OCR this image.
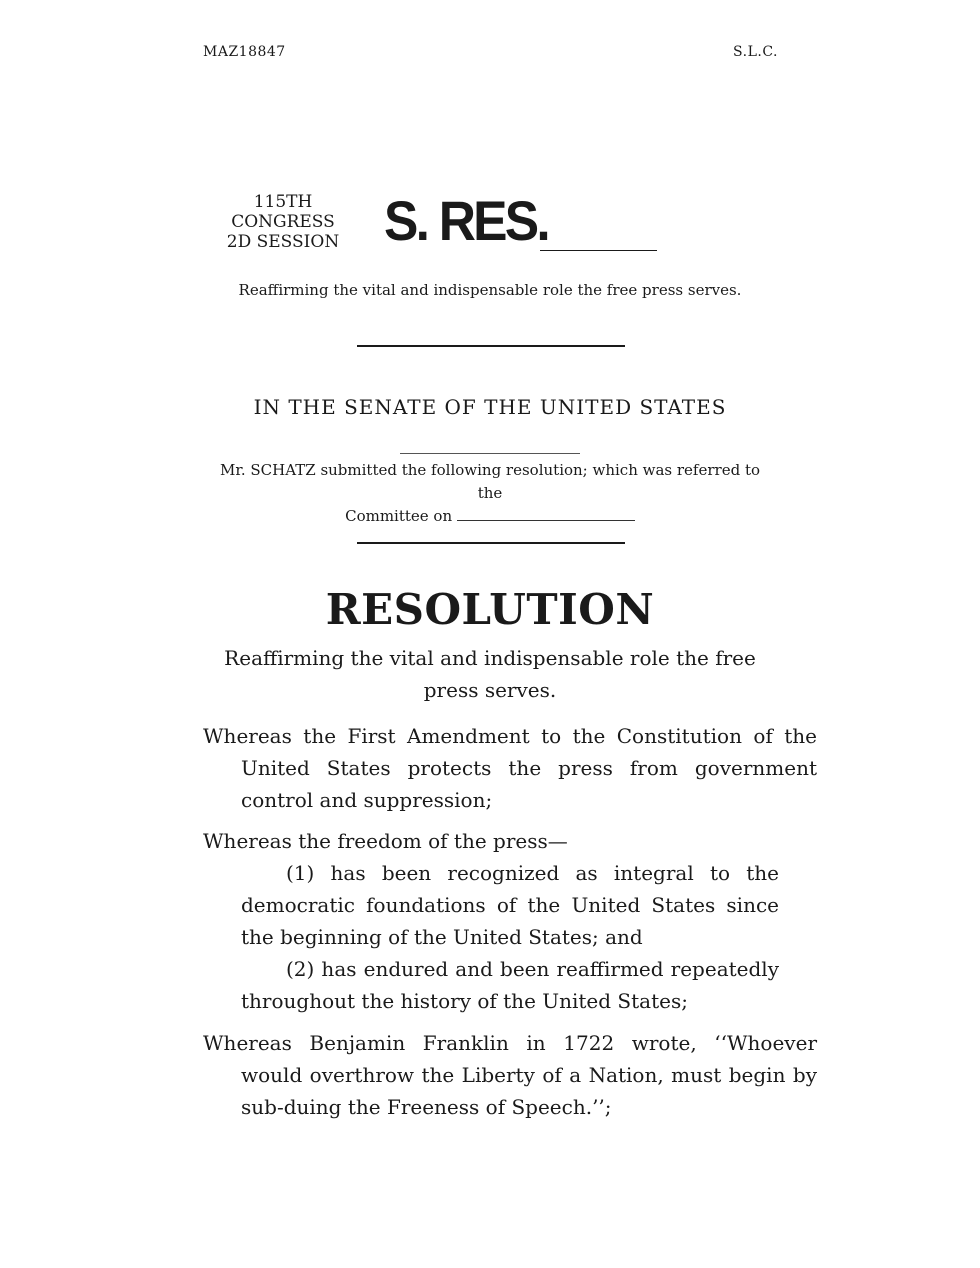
MAZ18847	S.L.C.
115TH CONGRESS
2D SESSION S. RES.
Reaffirming the vital and indispensable role the free press serves.
IN THE SENATE OF THE UNITED STATES
Mr. SCHATZ submitted the following resolution; which was referred to the
Committee on
RESOLUTION
Reaffirming the vital and indispensable role the free press serves.
Whereas the First Amendment to the Constitution of the United States protects the press from government control and suppression;
Whereas the freedom of the press—
(1) has been recognized as integral to the democratic foundations of the United States since the beginning of the United States; and
(2) has endured and been reaffirmed repeatedly throughout the history of the United States;
Whereas Benjamin Franklin in 1722 wrote, ‘‘Whoever would overthrow the Liberty of a Nation, must begin by sub-duing the Freeness of Speech.’’;
